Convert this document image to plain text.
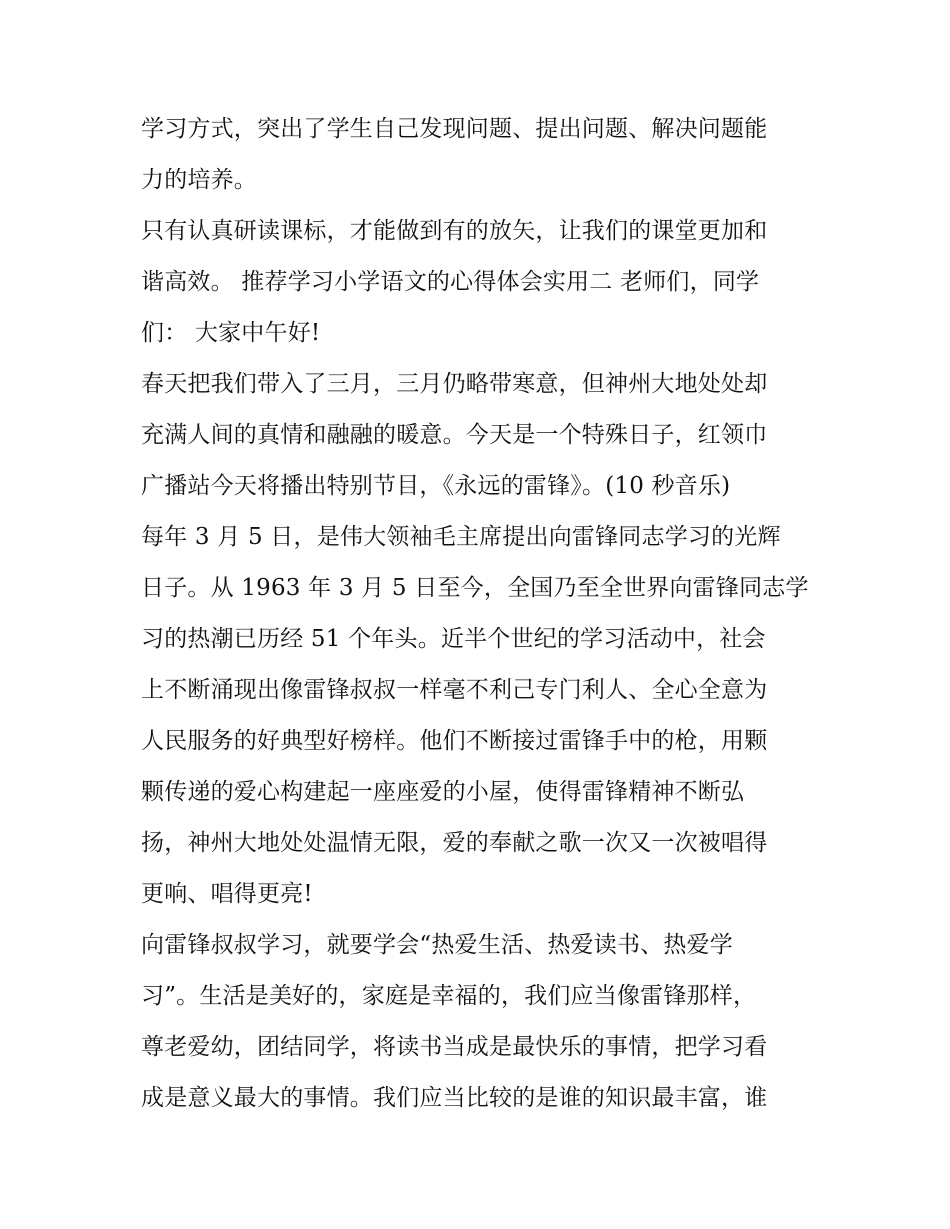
学习方式，突出了学生自己发现问题、提出问题、解决问题能
力的培养。
只有认真研读课标，才能做到有的放矢，让我们的课堂更加和
谐高效。 推荐学习小学语文的心得体会实用二 老师们，同学
们： 大家中午好!
春天把我们带入了三月，三月仍略带寒意，但神州大地处处却
充满人间的真情和融融的暖意。今天是一个特殊日子，红领巾
广播站今天将播出特别节目，《永远的雷锋》。(10 秒音乐)
每年 3 月 5 日，是伟大领袖毛主席提出向雷锋同志学习的光辉
日子。从 1963 年 3 月 5 日至今，全国乃至全世界向雷锋同志学
习的热潮已历经 51 个年头。近半个世纪的学习活动中，社会
上不断涌现出像雷锋叔叔一样毫不利己专门利人、全心全意为
人民服务的好典型好榜样。他们不断接过雷锋手中的枪，用颗
颗传递的爱心构建起一座座爱的小屋，使得雷锋精神不断弘
扬，神州大地处处温情无限，爱的奉献之歌一次又一次被唱得
更响、唱得更亮!
向雷锋叔叔学习，就要学会“热爱生活、热爱读书、热爱学
习”。生活是美好的，家庭是幸福的，我们应当像雷锋那样，
尊老爱幼，团结同学，将读书当成是最快乐的事情，把学习看
成是意义最大的事情。我们应当比较的是谁的知识最丰富，谁
